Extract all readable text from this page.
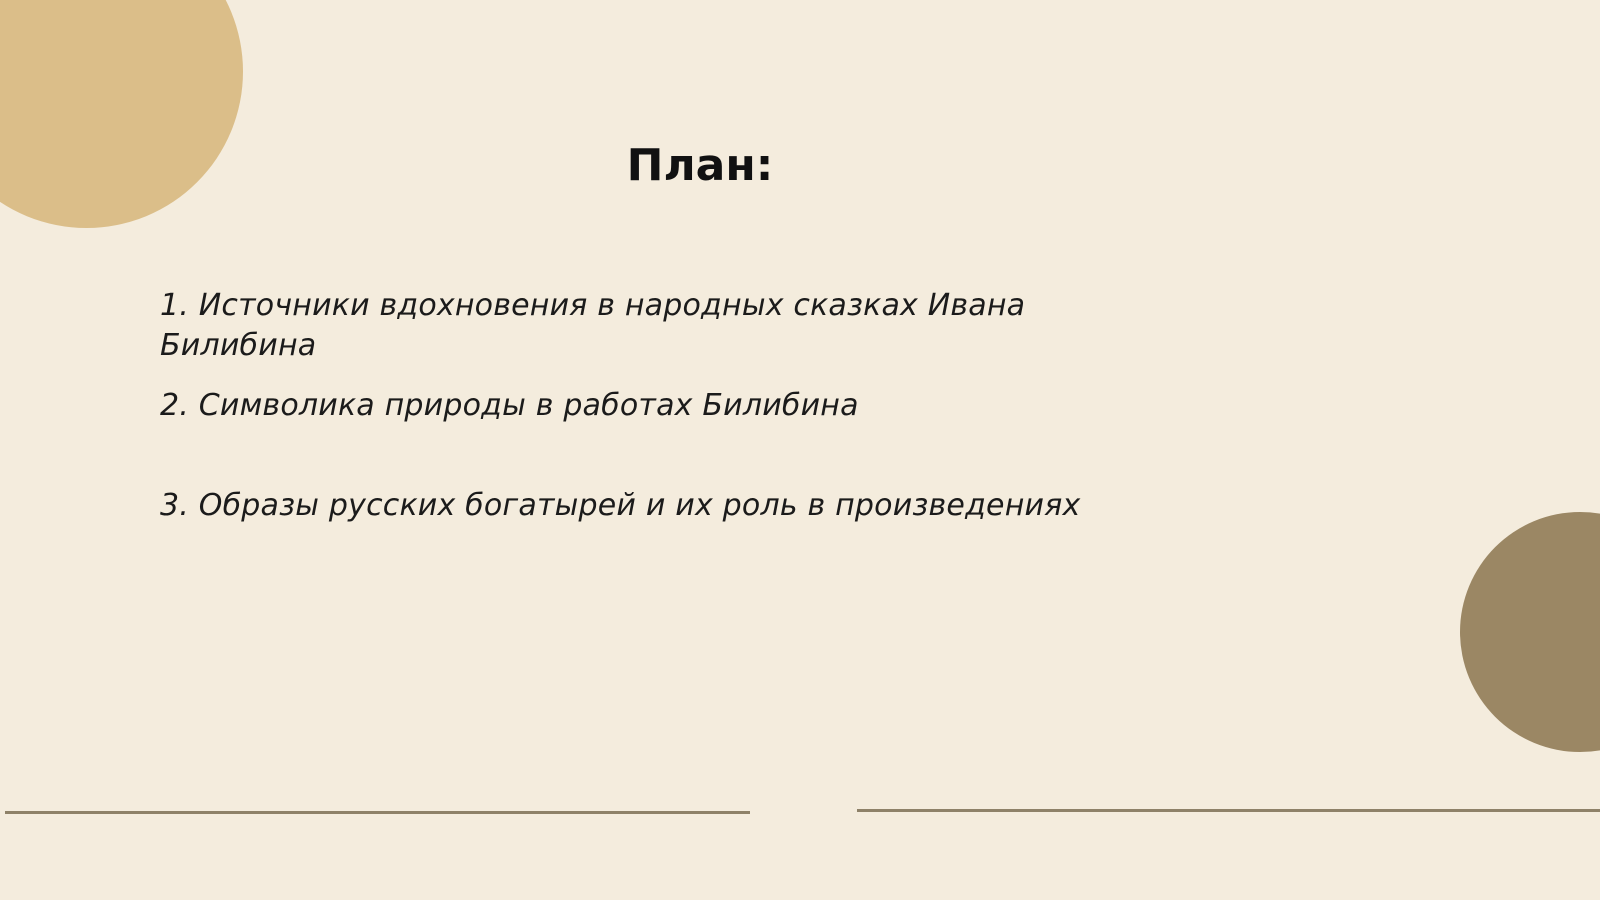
План:
1. Источники вдохновения в народных сказках Ивана Билибина
2. Символика природы в работах Билибина
3. Образы русских богатырей и их роль в произведениях
